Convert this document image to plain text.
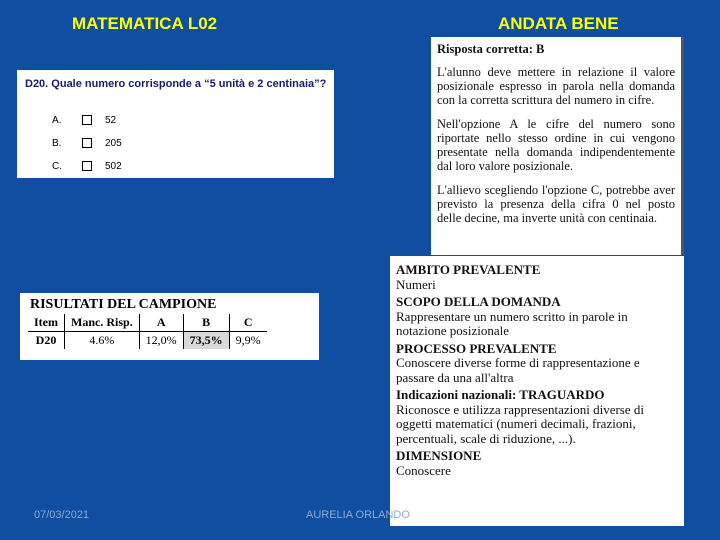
MATEMATICA L02	ANDATA BENE
D20. Quale numero corrisponde a “5 unità e 2 centinaia”?
A.	52
B.	205
C.	502
Risposta corretta: B

L'alunno deve mettere in relazione il valore posizionale espresso in parola nella domanda con la corretta scrittura del numero in cifre.

Nell'opzione A le cifre del numero sono riportate nello stesso ordine in cui vengono presentate nella domanda indipendentemente dal loro valore posizionale.

L'allievo scegliendo l'opzione C, potrebbe aver previsto la presenza della cifra 0 nel posto delle decine, ma inverte unità con centinaia.

RISULTATI DEL CAMPIONE
Item	Manc. Risp.	A	B	C
D20	4.6%	12,0%	73,5%	9,9%
AMBITO PREVALENTE
Numeri
SCOPO DELLA DOMANDA
Rappresentare un numero scritto in parole in notazione posizionale
PROCESSO PREVALENTE
Conoscere diverse forme di rappresentazione e passare da una all'altra
Indicazioni nazionali: TRAGUARDO
Riconosce e utilizza rappresentazioni diverse di oggetti matematici (numeri decimali, frazioni, percentuali, scale di riduzione, ...).
DIMENSIONE
Conoscere
07/03/2021	AURELIA ORLANDO
